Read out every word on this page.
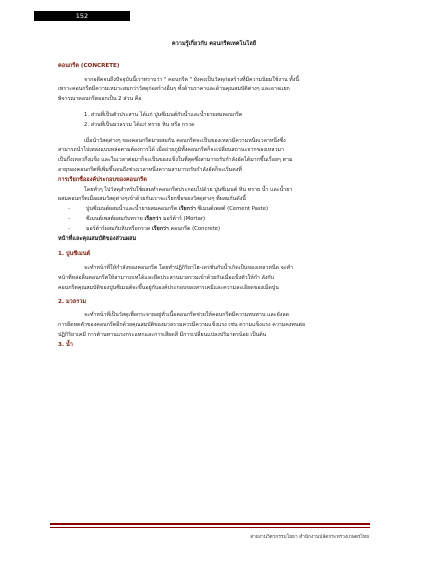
152

ความรู้เกี่ยวกับ คอนกรีตเทคโนโลยี

คอนกรีต (CONCRETE)

จากอดีตจนถึงปัจจุบันนี้เราทราบว่า " คอนกรีต " ยังคงเป็นวัสดุก่อสร้างที่มีความนิยมใช้งาน ทั้งนี้

เพราะคอนกรีตมีความเหมาะสมกว่าวัสดุก่อสร้างอื่นๆ ทั้งด้านราคาและด้านคุณสมบัติต่างๆ และอาจแยก

พิจารณาคอนกรีตออกเป็น 2 ส่วน คือ

1. ส่วนที่เป็นตัวประสาน ได้แก่ ปูนซีเมนต์กับน้ำและน้ำยาผสมคอนกรีต
2. ส่วนที่เป็นมวลรวม ได้แก่ ทราย หิน หรือ กรวด

เมื่อนำวัสดุต่างๆ ของคอนกรีตมาผสมกัน คอนกรีตจะเป็นของเหลวมีความหนืดเวลาหนึ่งซึ่ง

สามารถนำไปเทลงแบบหล่อตามต้องการได้ เมื่อถ่ายภูมิทั้งคอนกรีตก็จะเปลี่ยนสถานะจากของเหลวมา

เป็นกึ่งเหลวกึ่งแข็ง และในเวลาต่อมาก็จะเป็นของแข็งในที่สุดซึ่งสามารถรับกำลังอัดได้มากขึ้นเรื่อยๆ ตาม

อายุของคอนกรีตที่เพิ่มขึ้นจนถึงช่วงเวลาหนึ่งความสามารถรับกำลังอัดก็จะเริ่มคงที่

การเรียกชื่อองค์ประกอบของคอนกรีต

โดยทั่วๆ ไปวัสดุสำหรับใช้ผสมทำคอนกรีตประกอบไปด้วย ปูนซีเมนต์ หิน ทราย น้ำ และน้ำยา

ผสมคอนกรีตเมื่อผสมวัสดุต่างๆเข้าด้วยกันเราจะเรียกชื่อของวัสดุต่างๆ ที่ผสมกันดังนี้

-	ปูนซีเมนต์ผสมน้ำและน้ำยาผสมคอนกรีต เรียกว่า ซีเมนต์เพสต์ (Cement Paste)
-	ซีเมนต์เพสต์ผสมกับทราย เรียกว่า มอร์ต้าร์ (Mortar)
-	มอร์ต้าร์ผสมกับหินหรือกรวด เรียกว่า คอนกรีต (Concrete)

หน้าที่และคุณสมบัติของส่วนผสม

1. ปูนซีเมนต์

จะทำหน้าที่ให้กำลังของคอนกรีต โดยทำปฏิกิริยาไฮ-เดรชั่นกับน้ำเกิดเป็นของเหลวหนืด จะทำ

หน้าที่หล่อลื่นคอนกรีตให้สามารถเทได้และยึดประสานมวลรวมเข้าด้วยกันเมื่อแข็งตัวให้กำ ลังกับ

คอนกรีตคุณสมบัติของปูนซีเมนต์จะขึ้นอยู่กับองค์ประกอบของสารเคมีและความละเอียดของเม็ดปูน

2. มวลรวม

จะทำหน้าที่เป็นวัสดุเพื่อกระจายอยู่ทั่วเนื้อคอนกรีตช่วยให้คอนกรีตมีความทนทาน และยังลด

การยืดหดตัวของคอนกรีตอีกด้วยคุณสมบัติของมวลรวมควรมีความแข็งแรง เช่น ความแข็งแรง ความคงทนต่อ

ปฏิกิริยาเคมี การต้านทานแรงกระแทกและการเสียดสี มีการเปลี่ยนแปลงปริมาตรน้อย เป็นต้น

3. น้ำ

สายงานวิศวกรรมโยธา สำนักงานปลัดกระทรวงเกษตรไทย
